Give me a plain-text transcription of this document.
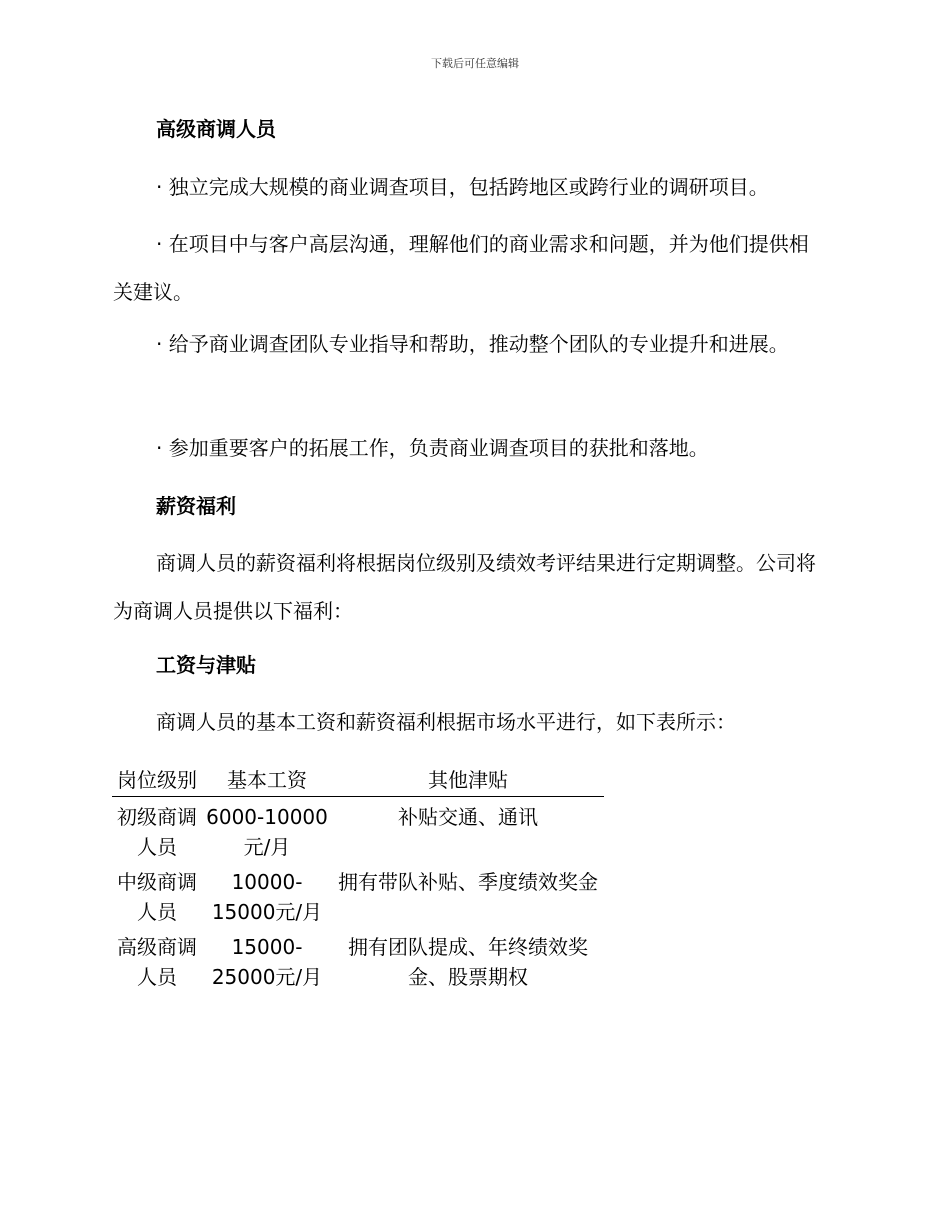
下载后可任意编辑

高级商调人员

· 独立完成大规模的商业调查项目，包括跨地区或跨行业的调研项目。

· 在项目中与客户高层沟通，理解他们的商业需求和问题，并为他们提供相关建议。

· 给予商业调查团队专业指导和帮助，推动整个团队的专业提升和进展。

· 参加重要客户的拓展工作，负责商业调查项目的获批和落地。

薪资福利

商调人员的薪资福利将根据岗位级别及绩效考评结果进行定期调整。公司将为商调人员提供以下福利：

工资与津贴

商调人员的基本工资和薪资福利根据市场水平进行，如下表所示：

岗位级别	基本工资	其他津贴
初级商调人员	6000-10000元/月	补贴交通、通讯
中级商调人员	10000-15000元/月	拥有带队补贴、季度绩效奖金
高级商调人员	15000-25000元/月	拥有团队提成、年终绩效奖金、股票期权
